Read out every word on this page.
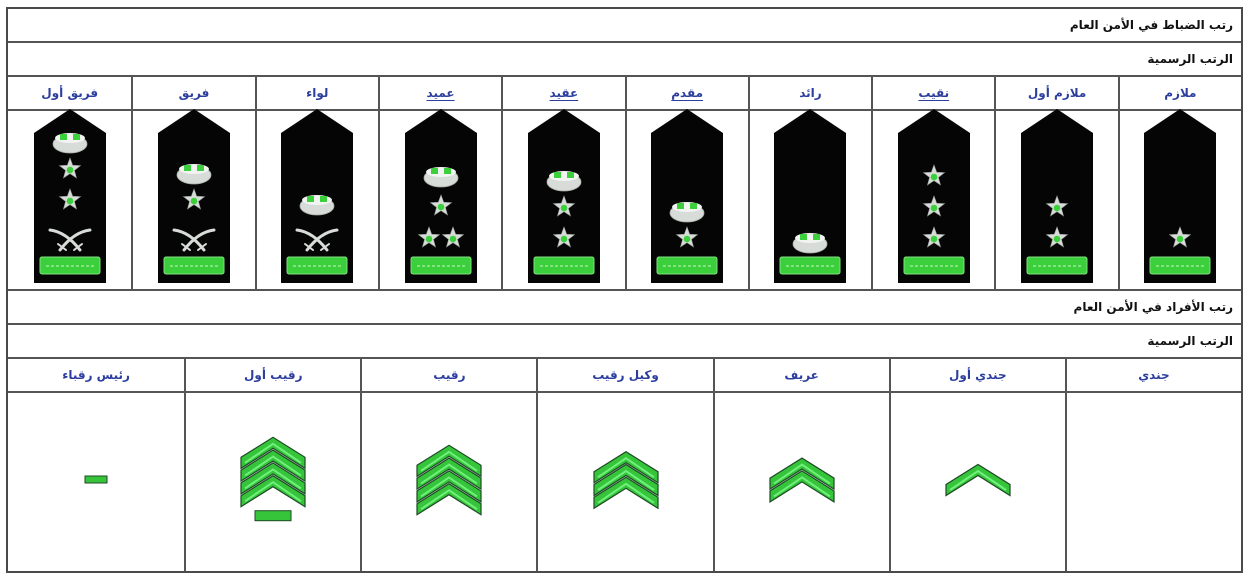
رتب الضباط في الأمن العام
الرتب الرسمية
ملازم
ملازم أول
نقيب
رائد
مقدم
عقيد
عميد
لواء
فريق
فريق أول
رتب الأفراد في الأمن العام
الرتب الرسمية
جندي
جندي أول
عريف
وكيل رقيب
رقيب
رقيب أول
رئيس رقباء
